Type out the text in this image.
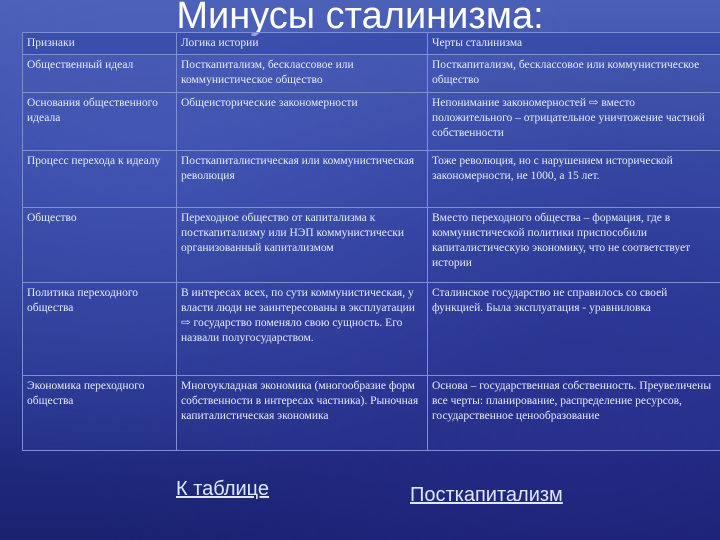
Минусы сталинизма:
Признаки	Логика истории	Черты сталинизма
Общественный идеал	Посткапитализм, бесклассовое или коммунистическое общество	Посткапитализм, бесклассовое или коммунистическое общество
Основания общественного идеала	Общеисторические закономерности	Непонимание закономерностей ⇨ вместо положительного – отрицательное уничтожение частной собственности
Процесс перехода к идеалу	Посткапиталистическая или коммунистическая революция	Тоже революция, но с нарушением исторической закономерности, не 1000, а 15 лет.
Общество	Переходное общество от капитализма к посткапитализму или НЭП коммунистически организованный капитализмом	Вместо переходного общества – формация, где в коммунистической политики приспособили капиталистическую экономику, что не соответствует истории
Политика переходного общества	В интересах всех, по сути коммунистическая, у власти люди не заинтересованы в эксплуатации ⇨ государство поменяло свою сущность. Его назвали полугосударством.	Сталинское государство не справилось со своей функцией. Была эксплуатация - уравниловка
Экономика переходного общества	Многоукладная экономика (многообразие форм собственности в интересах частника). Рыночная капиталистическая экономика	Основа – государственная собственность. Преувеличены все черты: планирование, распределение ресурсов, государственное ценообразование
К таблице	Посткапитализм
